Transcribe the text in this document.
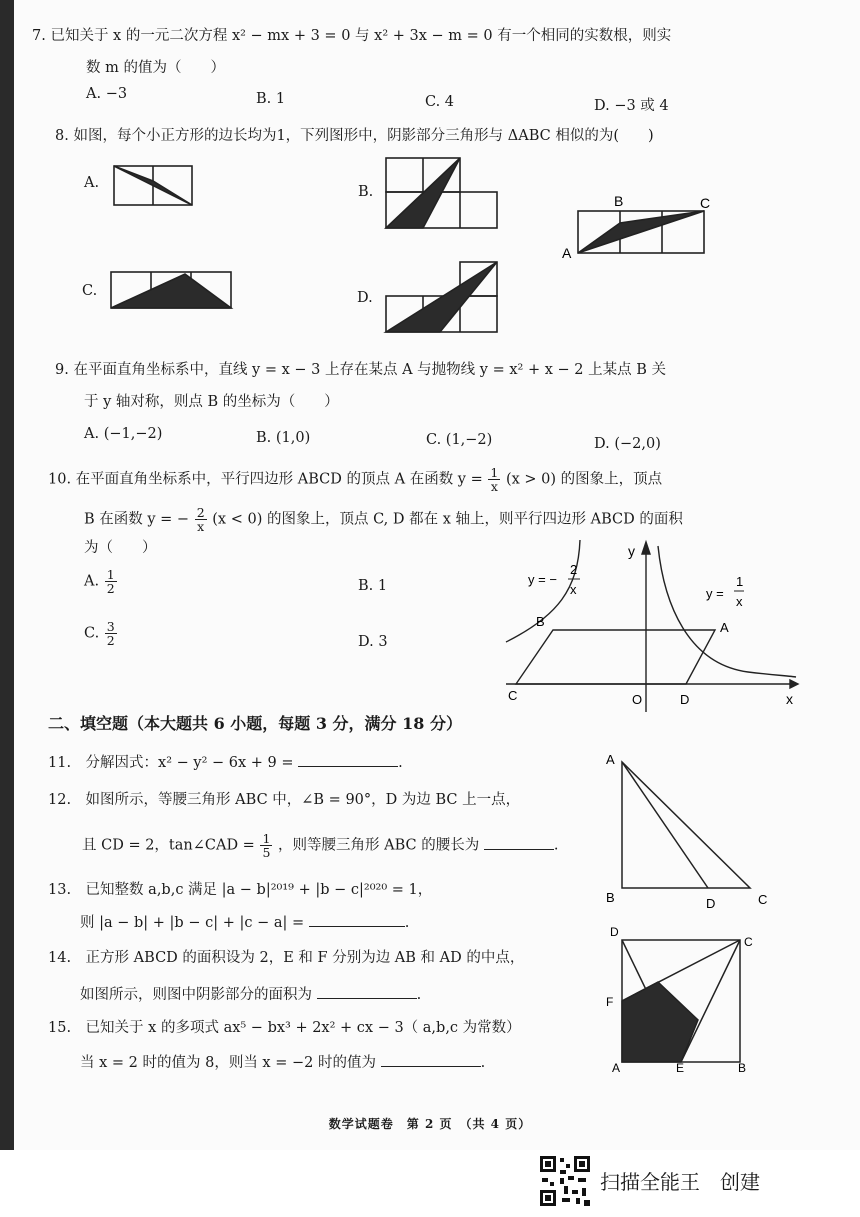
7. 已知关于 x 的一元二次方程 x² − mx + 3 = 0 与 x² + 3x − m = 0 有一个相同的实数根，则实
数 m 的值为（　　）
A. −3	B. 1	C. 4	D. −3 或 4
8. 如图，每个小正方形的边长均为1，下列图形中，阴影部分三角形与 ΔABC 相似的为(　　)
A.
B.
C.	D.
B	C
A
9. 在平面直角坐标系中，直线 y = x − 3 上存在某点 A 与抛物线 y = x² + x − 2 上某点 B 关
于 y 轴对称，则点 B 的坐标为（　　）
A. (−1,−2)	B. (1,0)	C. (1,−2)	D. (−2,0)
10. 在平面直角坐标系中，平行四边形 ABCD 的顶点 A 在函数 $y = \frac{1}{x} (x > 0)$ 的图象上，顶点
B 在函数 y = − $\frac{2}{x} (x < 0)$ 的图象上，顶点 C, D 都在 x 轴上，则平行四边形 ABCD 的面积
为（　　）
A. $\frac{1}{2}$	B. 1
C. $\frac{3}{2}$	D. 3
y = −
2
x	y =
1
x
y
B	A
C	O	D	x
二、填空题（本大题共 6 小题，每题 3 分，满分 18 分）
11.　分解因式：x² − y² − 6x + 9 =	.
12.　如图所示，等腰三角形 ABC 中，∠B = 90°，D 为边 BC 上一点，
且 CD = 2，tan∠CAD = $\frac{1}{5}$ ，则等腰三角形 ABC 的腰长为	.
13.　已知整数 a,b,c 满足 |a − b|²⁰¹⁹ + |b − c|²⁰²⁰ = 1，
则 |a − b| + |b − c| + |c − a| =	.
14.　正方形 ABCD 的面积设为 2，E 和 F 分别为边 AB 和 AD 的中点，
如图所示，则图中阴影部分的面积为	.
15.　已知关于 x 的多项式 ax⁵ − bx³ + 2x² + cx − 3（ a,b,c 为常数）
当 x = 2 时的值为 8，则当 x = −2 时的值为	.
A
B	D	C
D
C
F
A	E	B
数学试题卷　第 2 页　（共 4 页）
扫描全能王　创建
